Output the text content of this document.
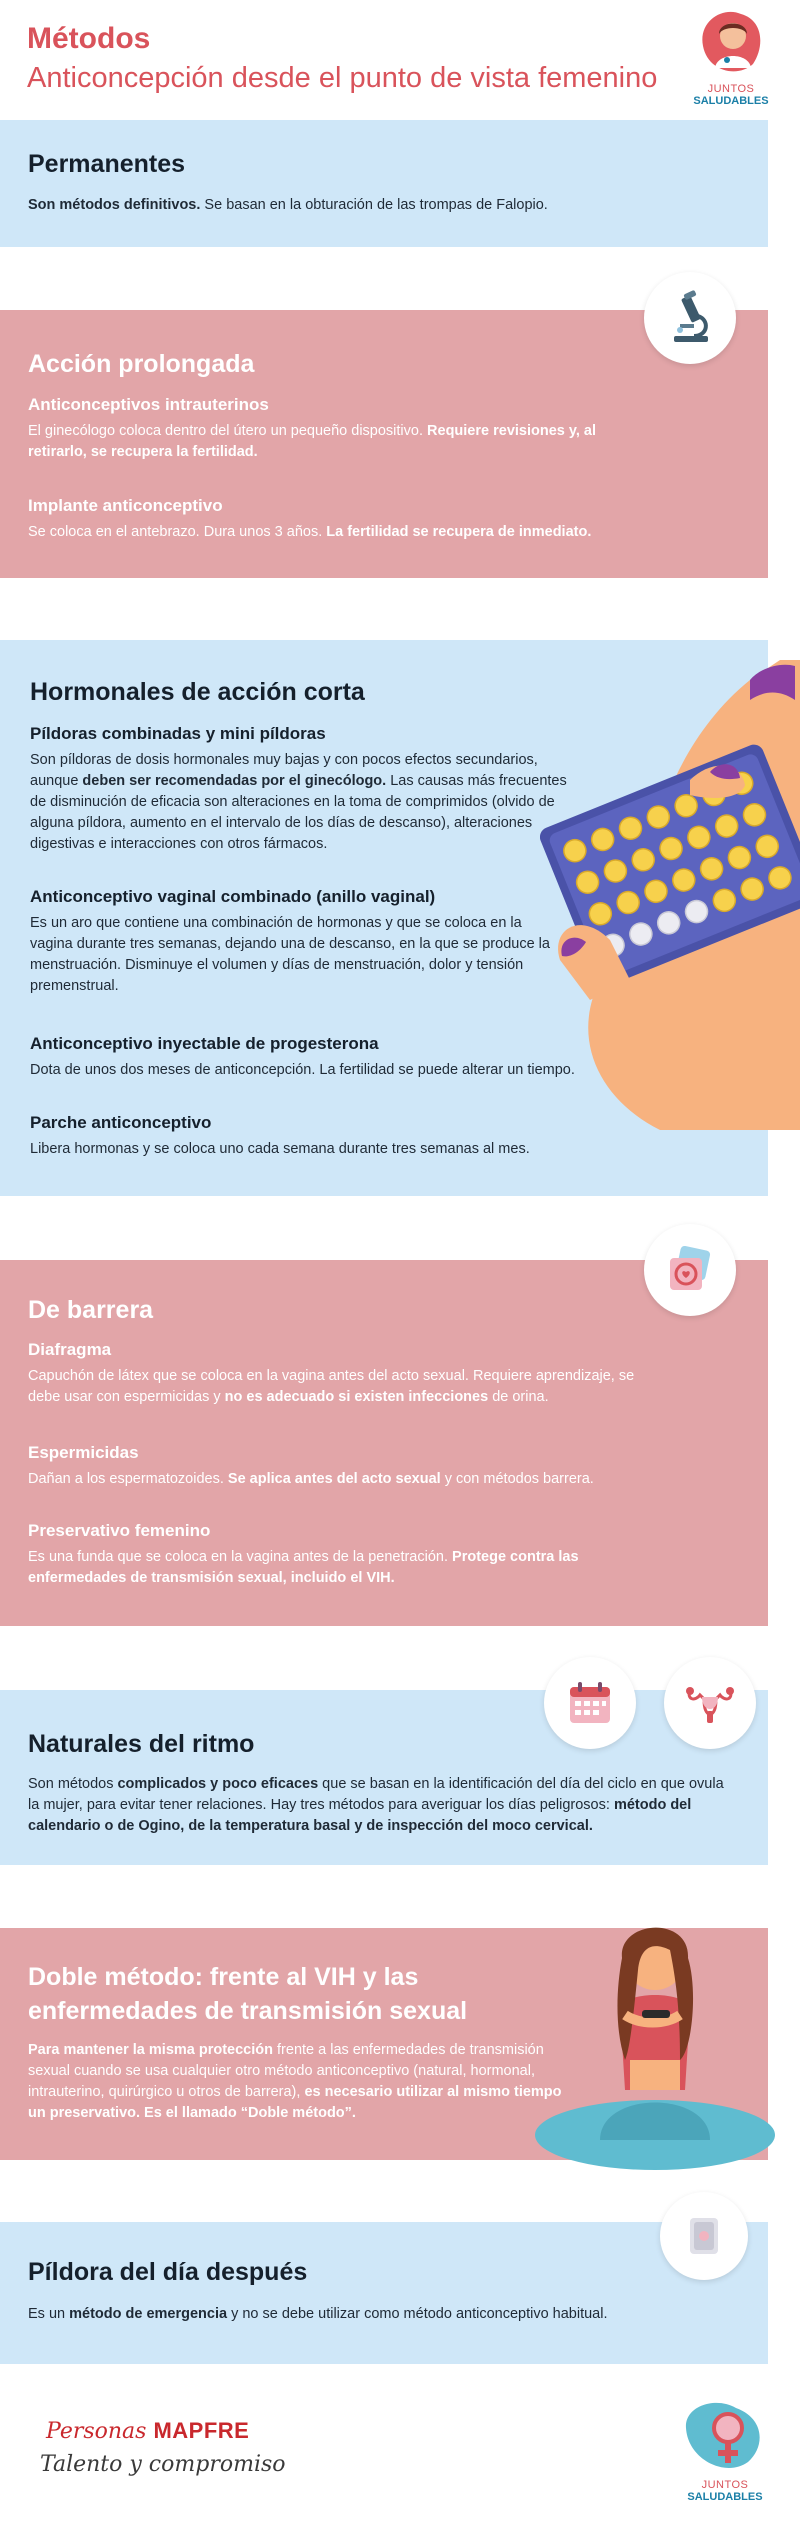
Métodos
Anticoncepción desde el punto de vista femenino	JUNTOS
SALUDABLES
Permanentes

Son métodos definitivos. Se basan en la obturación de las trompas de Falopio.

Acción prolongada
Anticonceptivos intrauterinos

El ginecólogo coloca dentro del útero un pequeño dispositivo. Requiere revisiones y, al retirarlo, se recupera la fertilidad.

Implante anticonceptivo

Se coloca en el antebrazo. Dura unos 3 años. La fertilidad se recupera de inmediato.

Hormonales de acción corta
Píldoras combinadas y mini píldoras

Son píldoras de dosis hormonales muy bajas y con pocos efectos secundarios, aunque deben ser recomendadas por el ginecólogo. Las causas más frecuentes de disminución de eficacia son alteraciones en la toma de comprimidos (olvido de alguna píldora, aumento en el intervalo de los días de descanso), alteraciones digestivas e interacciones con otros fármacos.

Anticonceptivo vaginal combinado (anillo vaginal)

Es un aro que contiene una combinación de hormonas y que se coloca en la vagina durante tres semanas, dejando una de descanso, en la que se produce la menstruación. Disminuye el volumen y días de menstruación, dolor y tensión premenstrual.

Anticonceptivo inyectable de progesterona

Dota de unos dos meses de anticoncepción. La fertilidad se puede alterar un tiempo.

Parche anticonceptivo

Libera hormonas y se coloca uno cada semana durante tres semanas al mes.

De barrera
Diafragma

Capuchón de látex que se coloca en la vagina antes del acto sexual. Requiere aprendizaje, se debe usar con espermicidas y no es adecuado si existen infecciones de orina.

Espermicidas

Dañan a los espermatozoides. Se aplica antes del acto sexual y con métodos barrera.

Preservativo femenino

Es una funda que se coloca en la vagina antes de la penetración. Protege contra las enfermedades de transmisión sexual, incluido el VIH.

Naturales del ritmo

Son métodos complicados y poco eficaces que se basan en la identificación del día del ciclo en que ovula la mujer, para evitar tener relaciones. Hay tres métodos para averiguar los días peligrosos: método del calendario o de Ogino, de la temperatura basal y de inspección del moco cervical.

Doble método: frente al VIH y las enfermedades de transmisión sexual

Para mantener la misma protección frente a las enfermedades de transmisión sexual cuando se usa cualquier otro método anticonceptivo (natural, hormonal, intrauterino, quirúrgico u otros de barrera), es necesario utilizar al mismo tiempo un preservativo. Es el llamado “Doble método”.

Píldora del día después

Es un método de emergencia y no se debe utilizar como método anticonceptivo habitual.

Personas MAPFRE
Talento y compromiso
JUNTOS
SALUDABLES
